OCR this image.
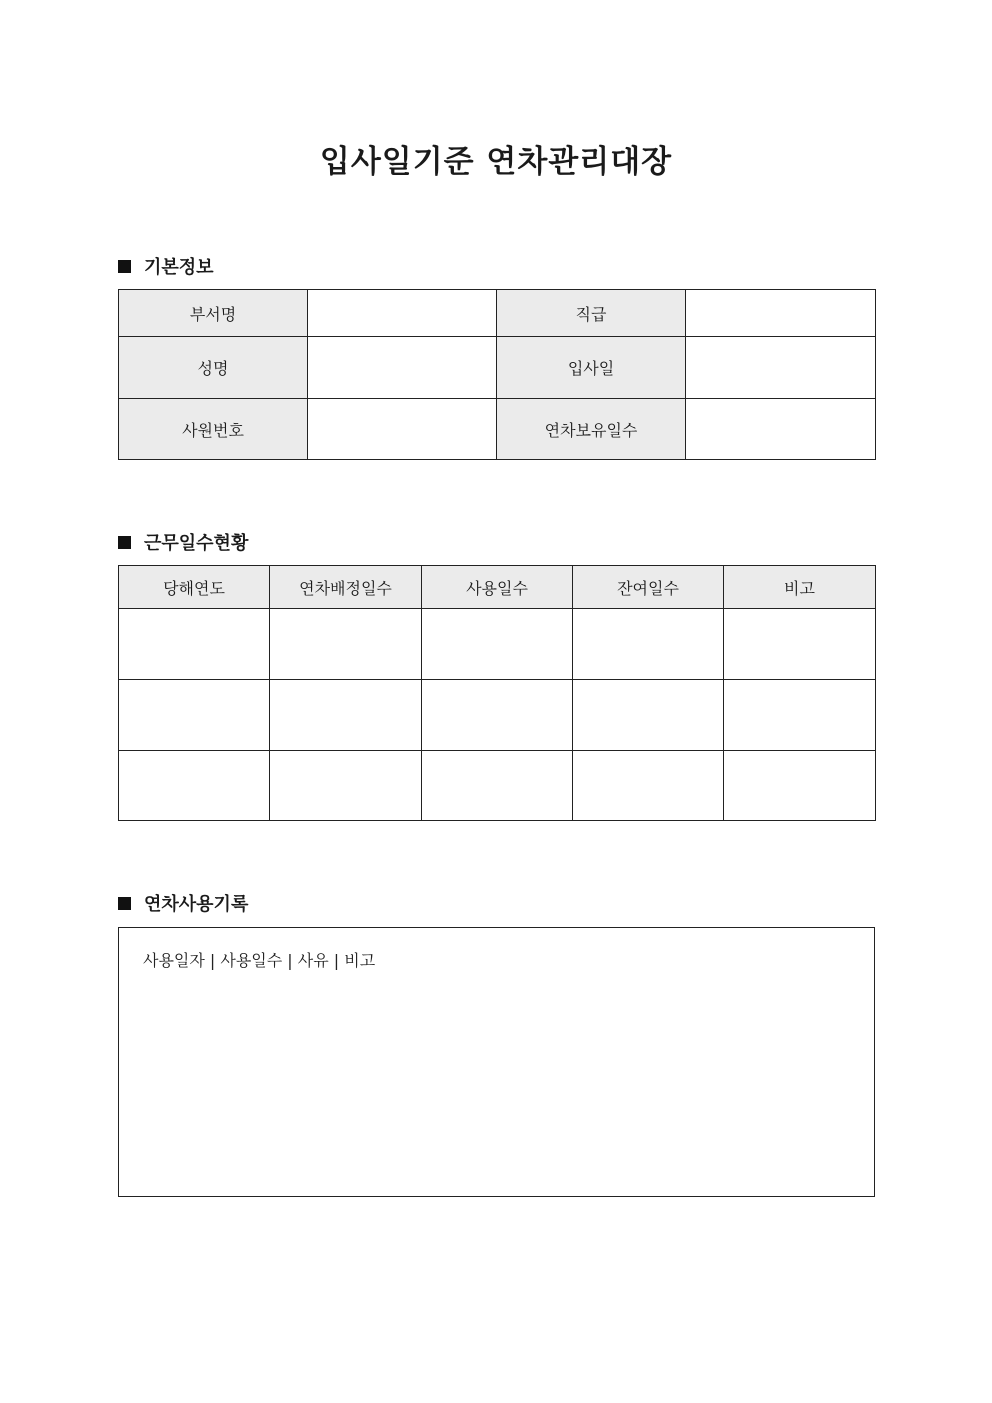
입사일기준 연차관리대장
기본정보
부서명		직급	
성명		입사일	
사원번호		연차보유일수	
근무일수현황
당해연도	연차배정일수	사용일수	잔여일수	비고

연차사용기록
사용일자 | 사용일수 | 사유 | 비고
